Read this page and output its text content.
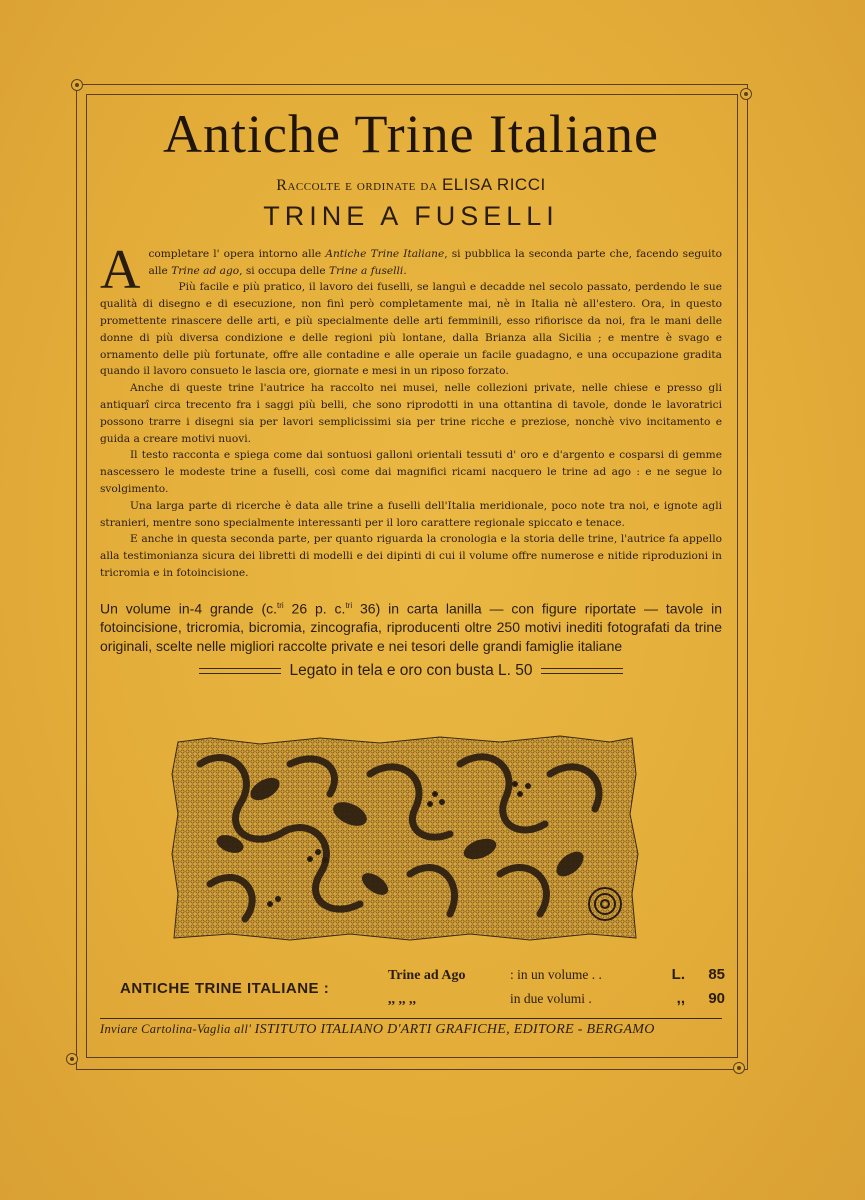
Antiche Trine Italiane
Raccolte e ordinate da ELISA RICCI
TRINE A FUSELLI
A completare l' opera intorno alle Antiche Trine Italiane, si pubblica la seconda parte che, facendo seguito alle Trine ad ago, si occupa delle Trine a fuselli.

Più facile e più pratico, il lavoro dei fuselli, se languì e decadde nel secolo passato, perdendo le sue qualità di disegno e di esecuzione, non finì però completamente mai, nè in Italia nè all'estero. Ora, in questo promettente rinascere delle arti, e più specialmente delle arti femminili, esso rifiorisce da noi, fra le mani delle donne di più diversa condizione e delle regioni più lontane, dalla Brianza alla Sicilia ; e mentre è svago e ornamento delle più fortunate, offre alle contadine e alle operaie un facile guadagno, e una occupazione gradita quando il lavoro consueto le lascia ore, giornate e mesi in un riposo forzato.

Anche di queste trine l'autrice ha raccolto nei musei, nelle collezioni private, nelle chiese e presso gli antiquarî circa trecento fra i saggi più belli, che sono riprodotti in una ottantina di tavole, donde le lavoratrici possono trarre i disegni sia per lavori semplicissimi sia per trine ricche e preziose, nonchè vivo incitamento e guida a creare motivi nuovi.

Il testo racconta e spiega come dai sontuosi galloni orientali tessuti d' oro e d'argento e cosparsi di gemme nascessero le modeste trine a fuselli, così come dai magnifici ricami nacquero le trine ad ago : e ne segue lo svolgimento.

Una larga parte di ricerche è data alle trine a fuselli dell'Italia meridionale, poco note tra noi, e ignote agli stranieri, mentre sono specialmente interessanti per il loro carattere regionale spiccato e tenace.

E anche in questa seconda parte, per quanto riguarda la cronologia e la storia delle trine, l'autrice fa appello alla testimonianza sicura dei libretti di modelli e dei dipinti di cui il volume offre numerose e nitide riproduzioni in tricromia e in fotoincisione.

Un volume in-4 grande (c.$^{tri}$ 26 p. c.$^{tri}$ 36) in carta lanilla — con figure riportate — tavole in fotoincisione, tricromia, bicromia, zincografia, riproducenti oltre 250 motivi inediti fotografati da trine originali, scelte nelle migliori raccolte private e nei tesori delle grandi famiglie italiane
Legato in tela e oro con busta L. 50
ANTICHE TRINE ITALIANE :
Trine ad Ago	: in un volume . .	L. 85
,, ,, ,,	in due volumi .	,, 90
Inviare Cartolina-Vaglia all' ISTITUTO ITALIANO D'ARTI GRAFICHE, EDITORE - BERGAMO
